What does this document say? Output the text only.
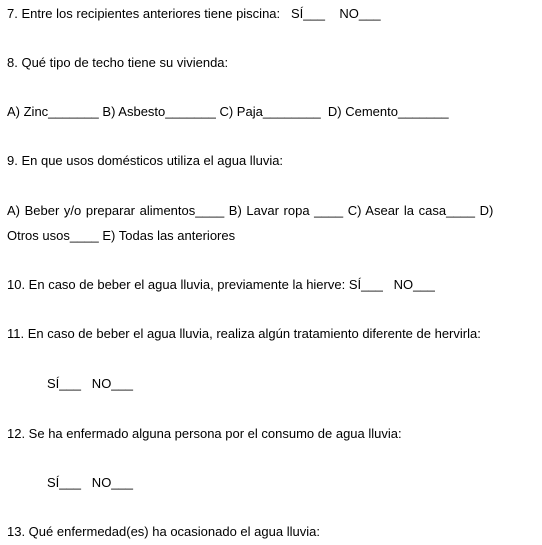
7. Entre los recipientes anteriores tiene piscina:   SÍ___    NO___
8. Qué tipo de techo tiene su vivienda:
A) Zinc_______ B) Asbesto_______ C) Paja________  D) Cemento_______
9. En que usos domésticos utiliza el agua lluvia:
A) Beber y/o preparar alimentos____ B) Lavar ropa ____ C) Asear la casa____ D)
Otros usos____ E) Todas las anteriores
10. En caso de beber el agua lluvia, previamente la hierve: SÍ___   NO___
11. En caso de beber el agua lluvia, realiza algún tratamiento diferente de hervirla:
SÍ___   NO___
12. Se ha enfermado alguna persona por el consumo de agua lluvia:
SÍ___   NO___
13. Qué enfermedad(es) ha ocasionado el agua lluvia:
